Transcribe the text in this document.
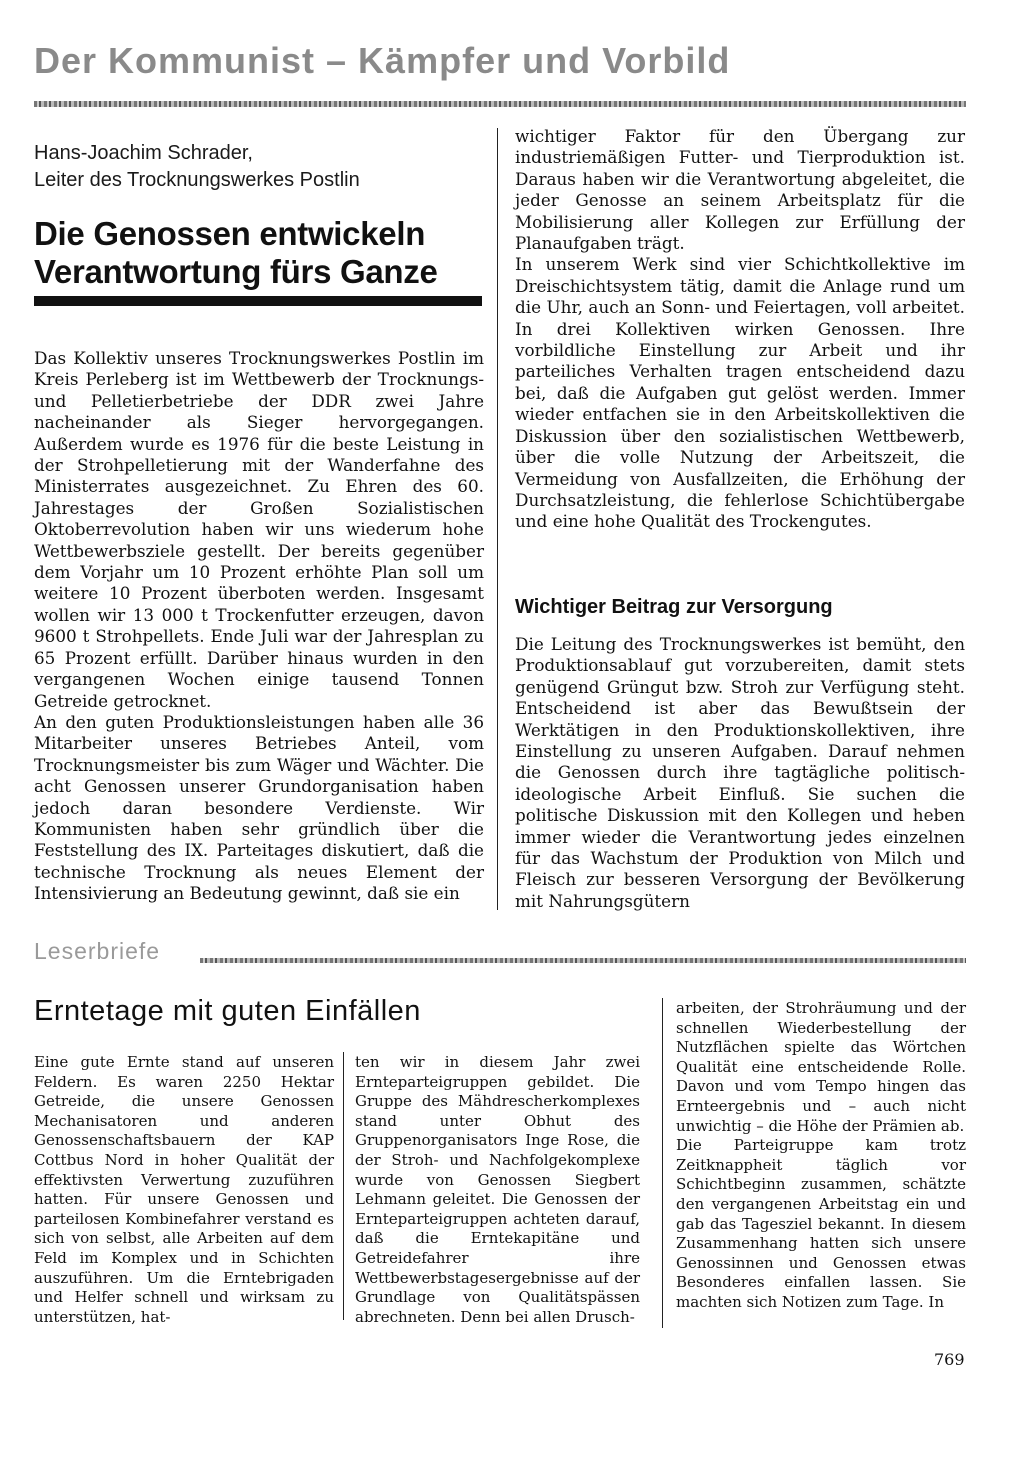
Der Kommunist – Kämpfer und Vorbild
Hans-Joachim Schrader,
Leiter des Trocknungswerkes Postlin
Die Genossen entwickeln
Verantwortung fürs Ganze

Das Kollektiv unseres Trocknungswerkes Postlin im Kreis Perleberg ist im Wettbewerb der Trocknungs- und Pelletierbetriebe der DDR zwei Jahre nacheinander als Sieger hervorgegangen. Außerdem wurde es 1976 für die beste Leistung in der Strohpelletierung mit der Wanderfahne des Ministerrates ausgezeichnet. Zu Ehren des 60. Jahrestages der Großen Sozialistischen Oktoberrevolution haben wir uns wiederum hohe Wettbewerbsziele gestellt. Der bereits gegenüber dem Vorjahr um 10 Prozent erhöhte Plan soll um weitere 10 Prozent überboten werden. Insgesamt wollen wir 13 000 t Trockenfutter erzeugen, davon 9600 t Strohpellets. Ende Juli war der Jahresplan zu 65 Prozent erfüllt. Darüber hinaus wurden in den vergangenen Wochen einige tausend Tonnen Getreide getrocknet.

An den guten Produktionsleistungen haben alle 36 Mitarbeiter unseres Betriebes Anteil, vom Trocknungsmeister bis zum Wäger und Wächter. Die acht Genossen unserer Grundorganisation haben jedoch daran besondere Verdienste. Wir Kommunisten haben sehr gründlich über die Feststellung des IX. Parteitages diskutiert, daß die technische Trocknung als neues Element der Intensivierung an Bedeutung gewinnt, daß sie ein

wichtiger Faktor für den Übergang zur industriemäßigen Futter- und Tierproduktion ist. Daraus haben wir die Verantwortung abgeleitet, die jeder Genosse an seinem Arbeitsplatz für die Mobilisierung aller Kollegen zur Erfüllung der Planaufgaben trägt.

In unserem Werk sind vier Schichtkollektive im Dreischichtsystem tätig, damit die Anlage rund um die Uhr, auch an Sonn- und Feiertagen, voll arbeitet. In drei Kollektiven wirken Genossen. Ihre vorbildliche Einstellung zur Arbeit und ihr parteiliches Verhalten tragen entscheidend dazu bei, daß die Aufgaben gut gelöst werden. Immer wieder entfachen sie in den Arbeitskollektiven die Diskussion über den sozialistischen Wettbewerb, über die volle Nutzung der Arbeitszeit, die Vermeidung von Ausfallzeiten, die Erhöhung der Durchsatzleistung, die fehlerlose Schichtübergabe und eine hohe Qualität des Trockengutes.

Wichtiger Beitrag zur Versorgung

Die Leitung des Trocknungswerkes ist bemüht, den Produktionsablauf gut vorzubereiten, damit stets genügend Grüngut bzw. Stroh zur Verfügung steht. Entscheidend ist aber das Bewußtsein der Werktätigen in den Produktionskollektiven, ihre Einstellung zu unseren Aufgaben. Darauf nehmen die Genossen durch ihre tagtägliche politisch-ideologische Arbeit Einfluß. Sie suchen die politische Diskussion mit den Kollegen und heben immer wieder die Verantwortung jedes einzelnen für das Wachstum der Produktion von Milch und Fleisch zur besseren Versorgung der Bevölkerung mit Nahrungsgütern

Leserbriefe
Erntetage mit guten Einfällen

Eine gute Ernte stand auf unseren Feldern. Es waren 2250 Hektar Getreide, die unsere Genossen Mechanisatoren und anderen Genossenschaftsbauern der KAP Cottbus Nord in hoher Qualität der effektivsten Verwertung zuzuführen hatten. Für unsere Genossen und parteilosen Kombinefahrer verstand es sich von selbst, alle Arbeiten auf dem Feld im Komplex und in Schichten auszuführen. Um die Erntebrigaden und Helfer schnell und wirksam zu unterstützen, hat-

ten wir in diesem Jahr zwei Ernteparteigruppen gebildet. Die Gruppe des Mähdrescherkomplexes stand unter Obhut des Gruppenorganisators Inge Rose, die der Stroh- und Nachfolgekomplexe wurde von Genossen Siegbert Lehmann geleitet. Die Genossen der Ernteparteigruppen achteten darauf, daß die Erntekapitäne und Getreidefahrer ihre Wettbewerbstagesergebnisse auf der Grundlage von Qualitätspässen abrechneten. Denn bei allen Drusch-

arbeiten, der Strohräumung und der schnellen Wiederbestellung der Nutzflächen spielte das Wörtchen Qualität eine entscheidende Rolle. Davon und vom Tempo hingen das Ernteergebnis und – auch nicht unwichtig – die Höhe der Prämien ab.

Die Parteigruppe kam trotz Zeitknappheit täglich vor Schichtbeginn zusammen, schätzte den vergangenen Arbeitstag ein und gab das Tagesziel bekannt. In diesem Zusammenhang hatten sich unsere Genossinnen und Genossen etwas Besonderes einfallen lassen. Sie machten sich Notizen zum Tage. In

769
